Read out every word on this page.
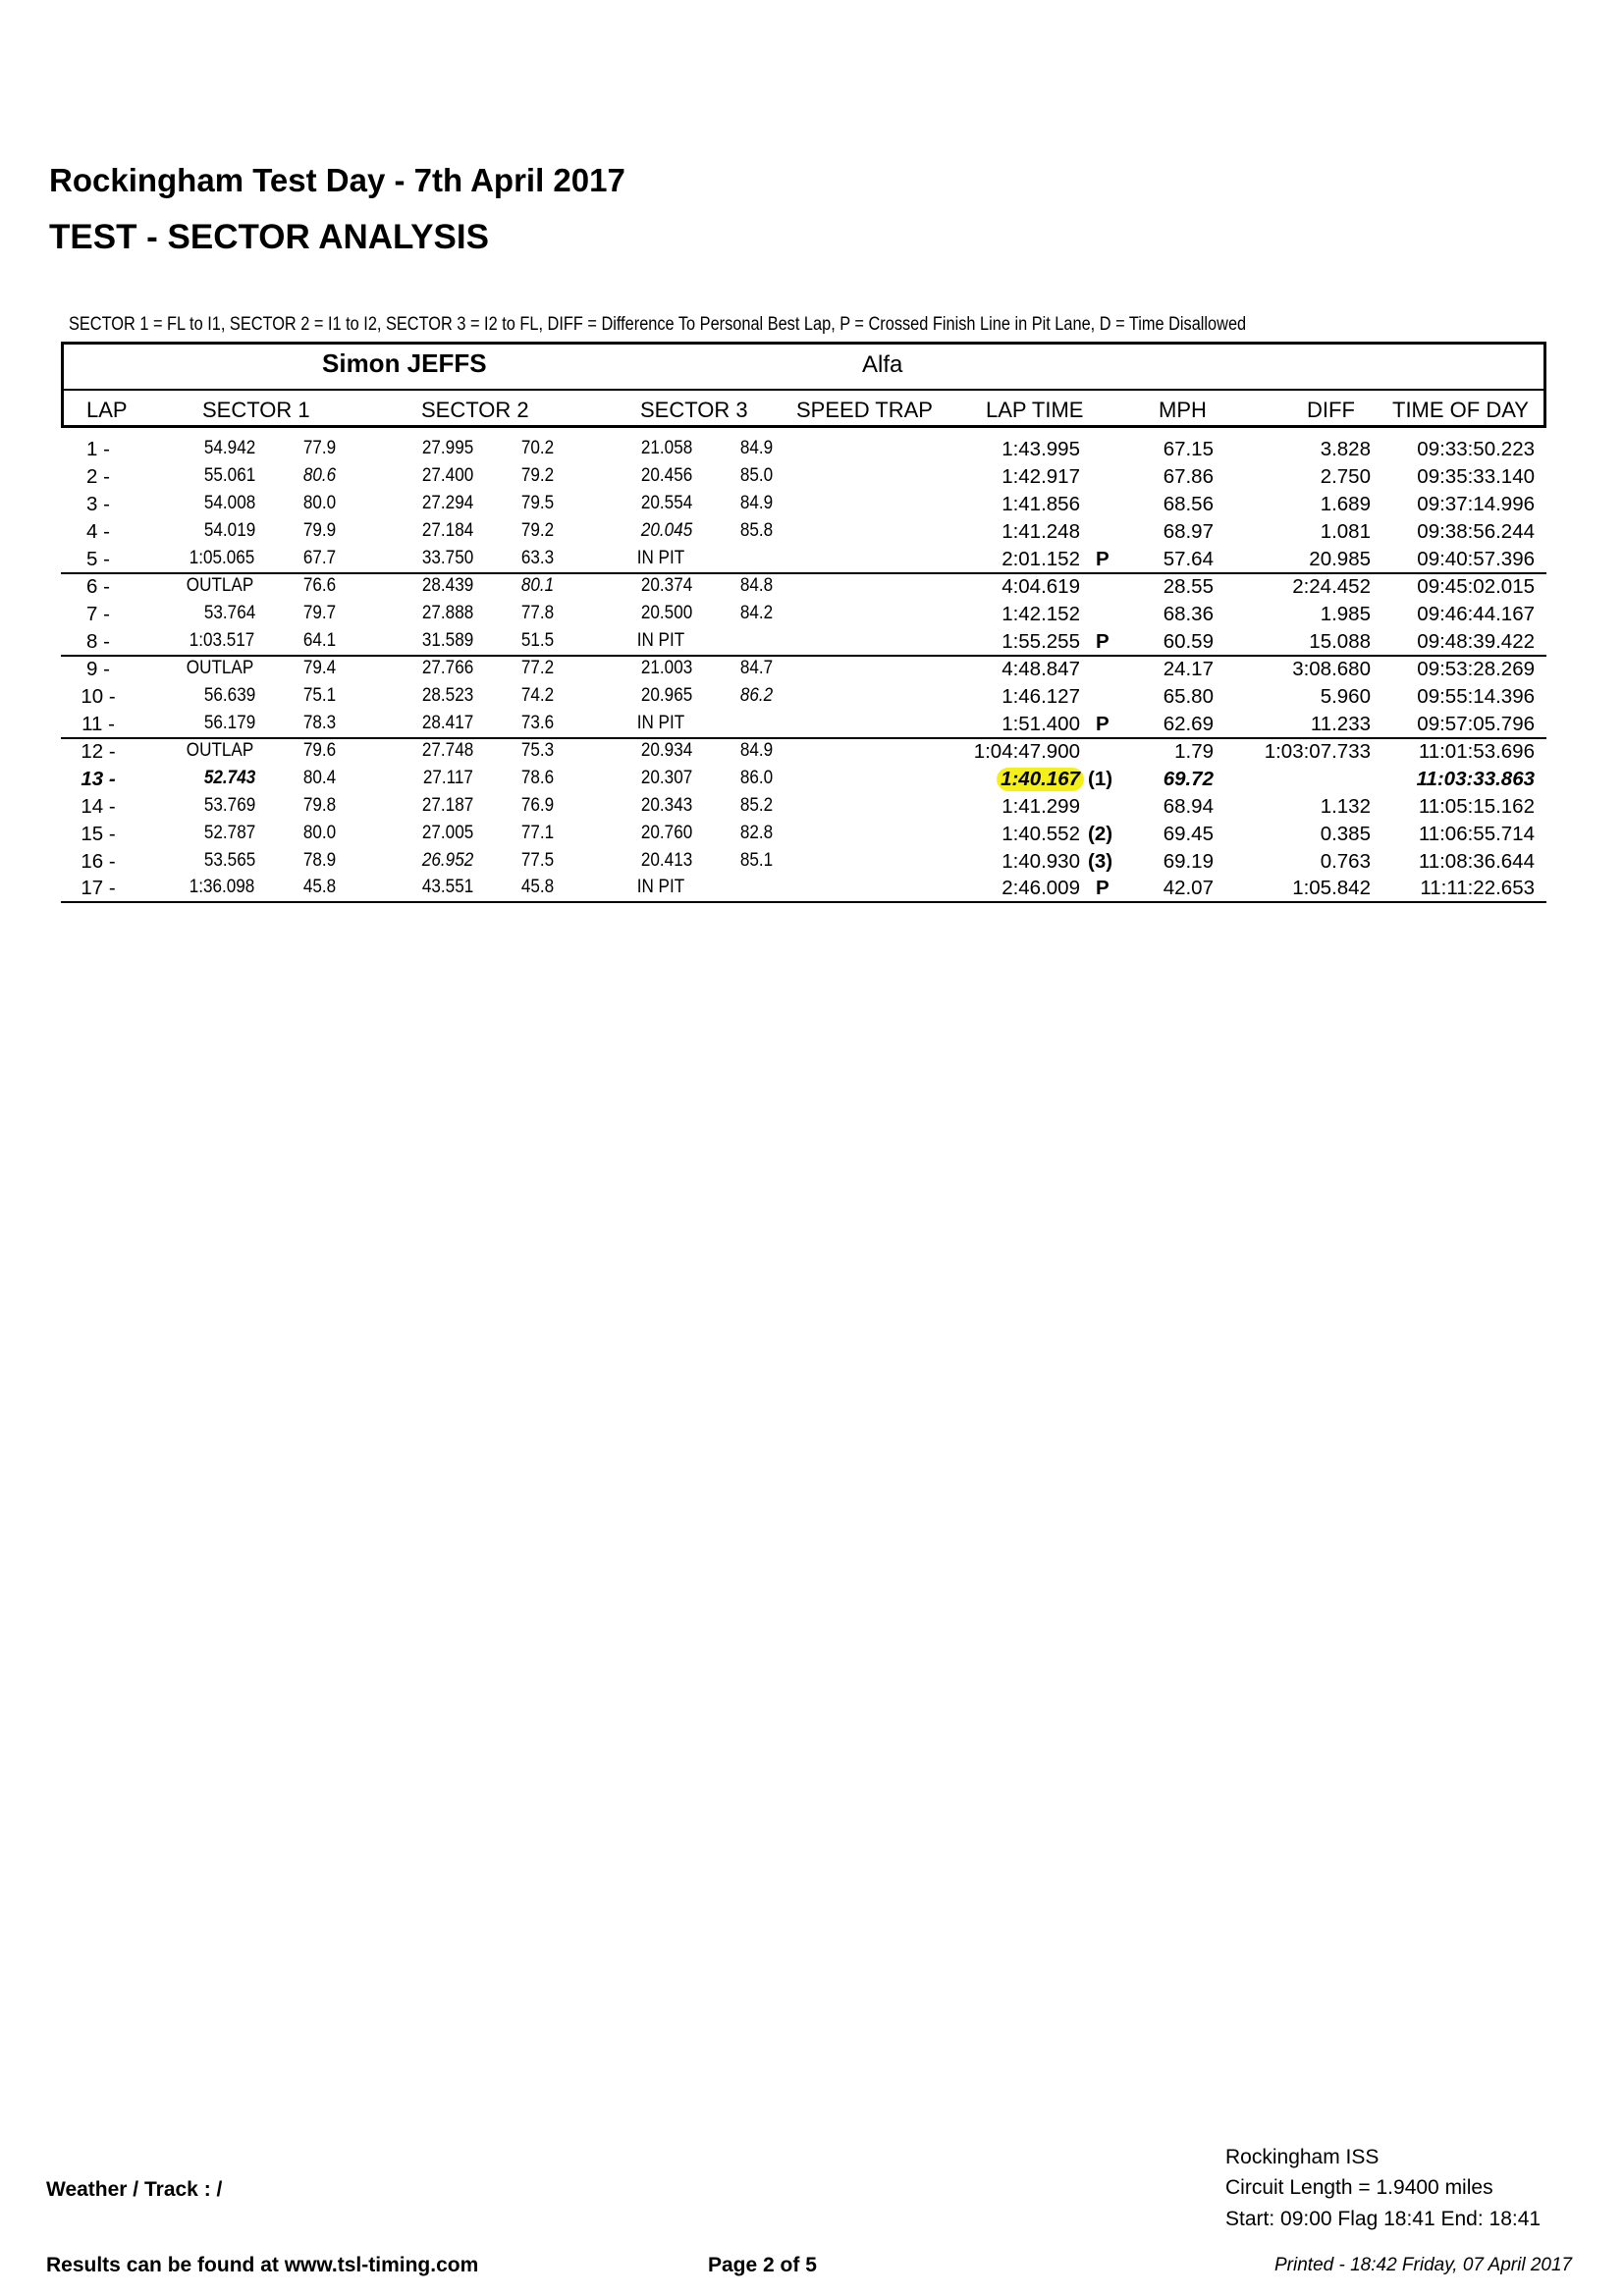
Rockingham Test Day - 7th April 2017
TEST - SECTOR ANALYSIS
SECTOR 1 = FL to I1, SECTOR 2 = I1 to I2, SECTOR 3 = I2 to FL, DIFF = Difference To Personal Best Lap, P = Crossed Finish Line in Pit Lane, D = Time Disallowed
Simon JEFFS	Alfa
LAP	SECTOR 1	SECTOR 2	SECTOR 3 SPEED TRAP LAP TIME	MPH	DIFF TIME OF DAY
1 -	54.942	77.9	27.995	70.2	21.058	84.9	1:43.995	67.15	3.828 09:33:50.223
2 -	55.061	80.6	27.400	79.2	20.456	85.0	1:42.917	67.86	2.750 09:35:33.140
3 -	54.008	80.0	27.294	79.5	20.554	84.9	1:41.856	68.56	1.689 09:37:14.996
4 -	54.019	79.9	27.184	79.2	20.045	85.8	1:41.248	68.97	1.081 09:38:56.244
5 -	1:05.065	67.7	33.750	63.3	IN PIT	2:01.152 P	57.64	20.985 09:40:57.396
6 -	OUTLAP	76.6	28.439	80.1	20.374	84.8	4:04.619	28.55	2:24.452 09:45:02.015
7 -	53.764	79.7	27.888	77.8	20.500	84.2	1:42.152	68.36	1.985 09:46:44.167
8 -	1:03.517	64.1	31.589	51.5	IN PIT	1:55.255 P	60.59	15.088 09:48:39.422
9 -	OUTLAP	79.4	27.766	77.2	21.003	84.7	4:48.847	24.17	3:08.680 09:53:28.269
10 -	56.639	75.1	28.523	74.2	20.965	86.2	1:46.127	65.80	5.960 09:55:14.396
11 -	56.179	78.3	28.417	73.6	IN PIT	1:51.400 P	62.69	11.233 09:57:05.796
12 -	OUTLAP	79.6	27.748	75.3	20.934	84.9	1:04:47.900	1.79	1:03:07.733 11:01:53.696
13 -	52.743	80.4	27.117	78.6	20.307	86.0	1:40.167 (1)	69.72	11:03:33.863
14 -	53.769	79.8	27.187	76.9	20.343	85.2	1:41.299	68.94	1.132 11:05:15.162
15 -	52.787	80.0	27.005	77.1	20.760	82.8	1:40.552 (2)	69.45	0.385 11:06:55.714
16 -	53.565	78.9	26.952	77.5	20.413	85.1	1:40.930 (3)	69.19	0.763 11:08:36.644
17 -	1:36.098	45.8	43.551	45.8	IN PIT	2:46.009 P	42.07	1:05.842 11:11:22.653
Rockingham ISS
Circuit Length = 1.9400 miles
Start: 09:00 Flag 18:41 End: 18:41
Weather / Track : /
Results can be found at www.tsl-timing.com	Page 2 of 5	Printed - 18:42 Friday, 07 April 2017
